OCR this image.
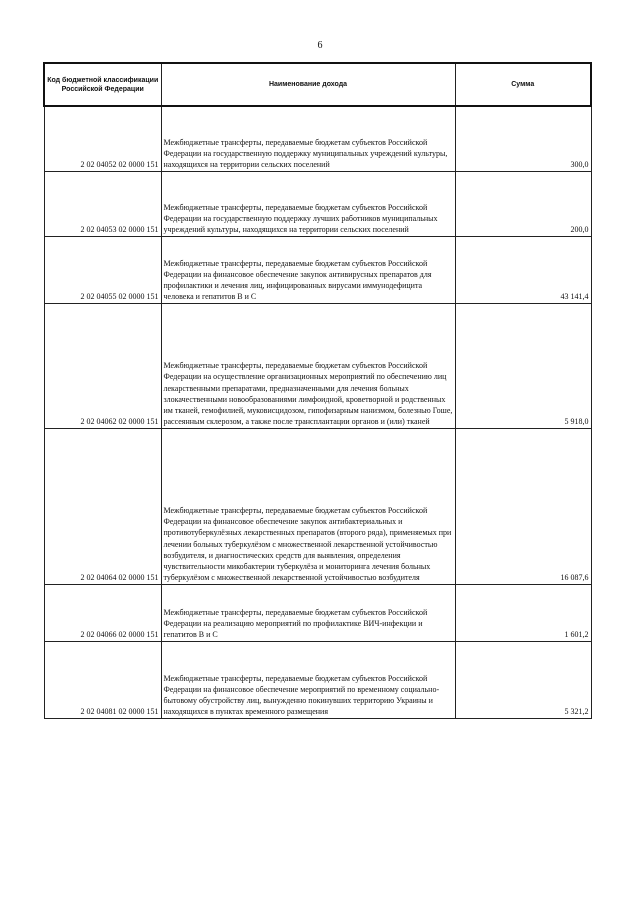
6
Код бюджетной классификации Российской Федерации	Наименование дохода	Сумма
2 02 04052 02 0000 151	Межбюджетные трансферты, передаваемые бюджетам субъектов Российской Федерации на государственную поддержку муниципальных учреждений культуры, находящихся на территории сельских поселений	300,0
2 02 04053 02 0000 151	Межбюджетные трансферты, передаваемые бюджетам субъектов Российской Федерации на государственную поддержку лучших работников муниципальных учреждений культуры, находящихся на территории сельских поселений	200,0
2 02 04055 02 0000 151	Межбюджетные трансферты, передаваемые бюджетам субъектов Российской Федерации на финансовое обеспечение закупок антивирусных препаратов для профилактики и лечения лиц, инфицированных вирусами иммунодефицита человека и гепатитов B и C	43 141,4
2 02 04062 02 0000 151	Межбюджетные трансферты, передаваемые бюджетам субъектов Российской Федерации на осуществление организационных мероприятий по обеспечению лиц лекарственными препаратами, предназначенными для лечения больных злокачественными новообразованиями лимфоидной, кроветворной и родственных им тканей, гемофилией, муковисцидозом, гипофизарным нанизмом, болезнью Гоше, рассеянным склерозом, а также после трансплантации органов и (или) тканей	5 918,0
2 02 04064 02 0000 151	Межбюджетные трансферты, передаваемые бюджетам субъектов Российской Федерации на финансовое обеспечение закупок антибактериальных и противотуберкулёзных лекарственных препаратов (второго ряда), применяемых при лечении больных туберкулёзом с множественной лекарственной устойчивостью возбудителя, и диагностических средств для выявления, определения чувствительности микобактерии туберкулёза и мониторинга лечения больных туберкулёзом с множественной лекарственной устойчивостью возбудителя	16 087,6
2 02 04066 02 0000 151	Межбюджетные трансферты, передаваемые бюджетам субъектов Российской Федерации на реализацию мероприятий по профилактике ВИЧ-инфекции и гепатитов B и C	1 601,2
2 02 04081 02 0000 151	Межбюджетные трансферты, передаваемые бюджетам субъектов Российской Федерации на финансовое обеспечение мероприятий по временному социально-бытовому обустройству лиц, вынужденно покинувших территорию Украины и находящихся в пунктах временного размещения	5 321,2
